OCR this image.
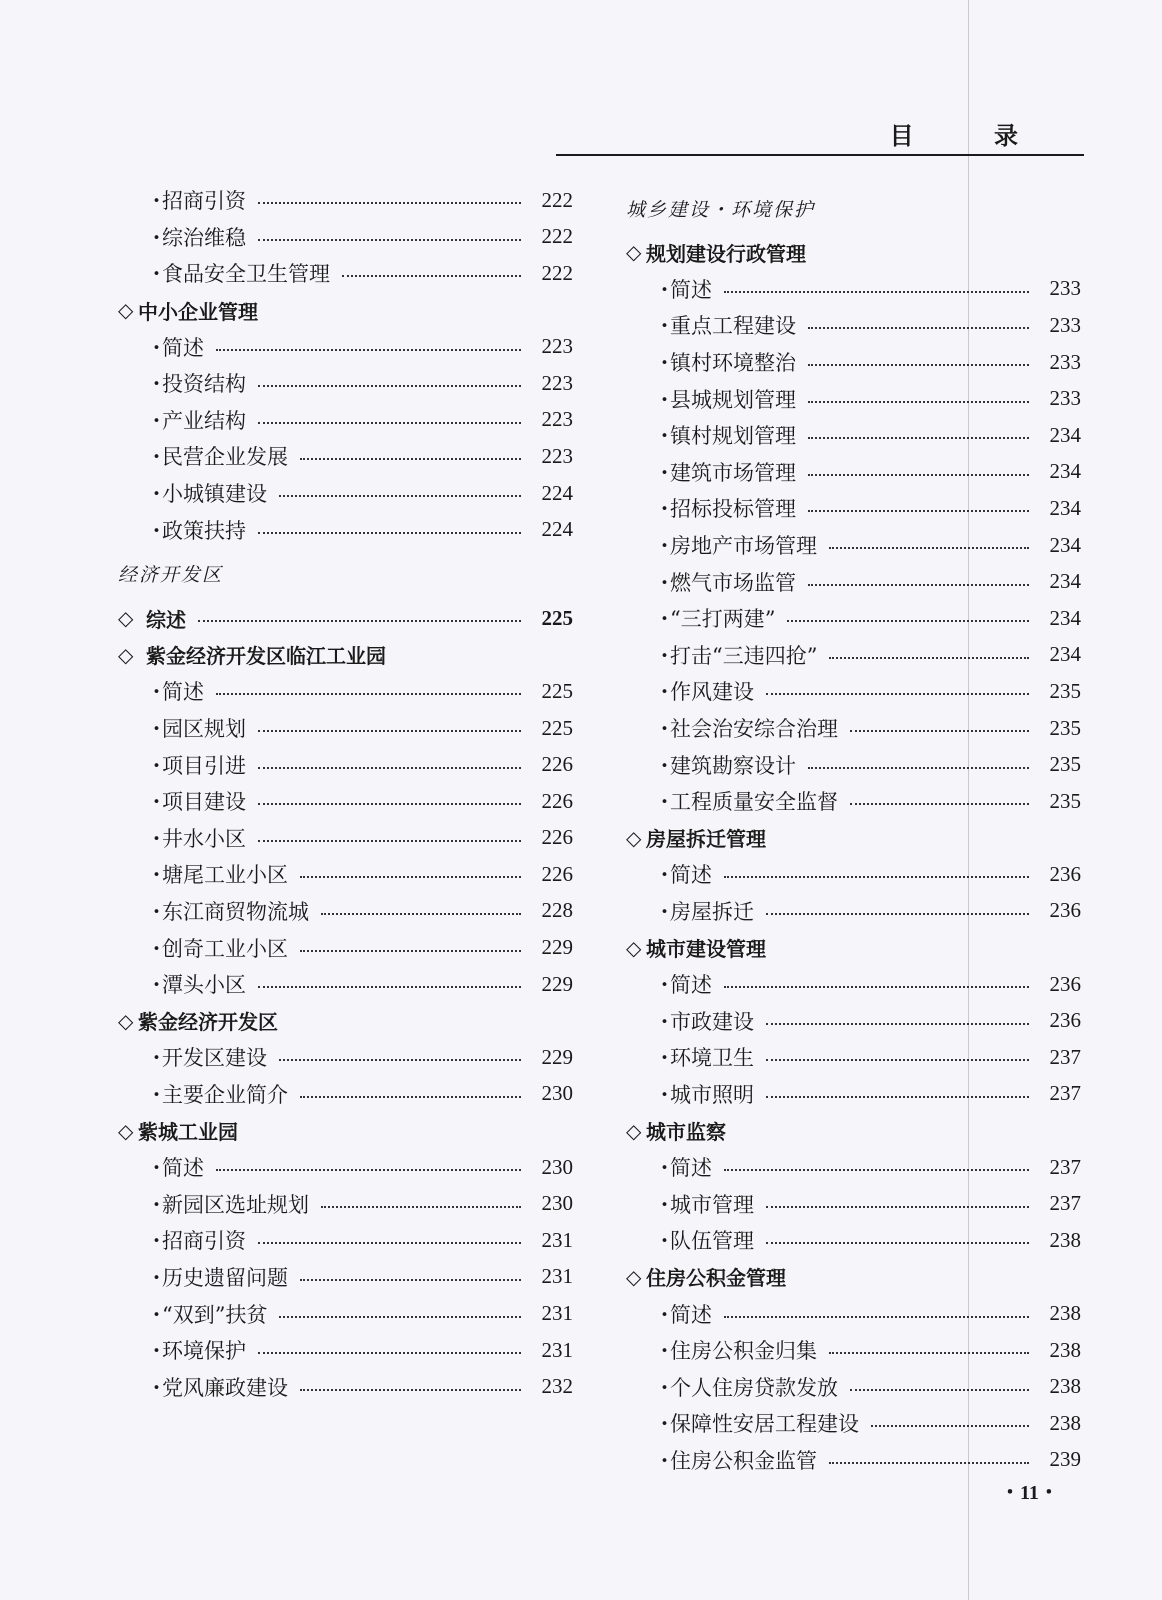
目 录
・
招商引资	222
・
综治维稳	222
・
食品安全卫生管理	222
◇ 中小企业管理
・
简述	223
・
投资结构	223
・
产业结构	223
・
民营企业发展	223
・
小城镇建设	224
・
政策扶持	224
经济开发区
◇ 综述	225
◇ 紫金经济开发区临江工业园
・
简述	225
・
园区规划	225
・
项目引进	226
・
项目建设	226
・
井水小区	226
・
塘尾工业小区	226
・
东江商贸物流城	228
・
创奇工业小区	229
・
潭头小区	229
◇ 紫金经济开发区
・
开发区建设	229
・
主要企业简介	230
◇ 紫城工业园
・
简述	230
・
新园区选址规划	230
・
招商引资	231
・
历史遗留问题	231
・
“双到”扶贫	231
・
环境保护	231
・
党风廉政建设	232
城乡建设・环境保护
◇ 规划建设行政管理
・
简述	233
・
重点工程建设	233
・
镇村环境整治	233
・
县城规划管理	233
・
镇村规划管理	234
・
建筑市场管理	234
・
招标投标管理	234
・
房地产市场管理	234
・
燃气市场监管	234
・
“三打两建”	234
・
打击“三违四抢”	234
・
作风建设	235
・
社会治安综合治理	235
・
建筑勘察设计	235
・
工程质量安全监督	235
◇ 房屋拆迁管理
・
简述	236
・
房屋拆迁	236
◇ 城市建设管理
・
简述	236
・
市政建设	236
・
环境卫生	237
・
城市照明	237
◇ 城市监察
・
简述	237
・
城市管理	237
・
队伍管理	238
◇ 住房公积金管理
・
简述	238
・
住房公积金归集	238
・
个人住房贷款发放	238
・
保障性安居工程建设	238
・
住房公积金监管	239
・11・
